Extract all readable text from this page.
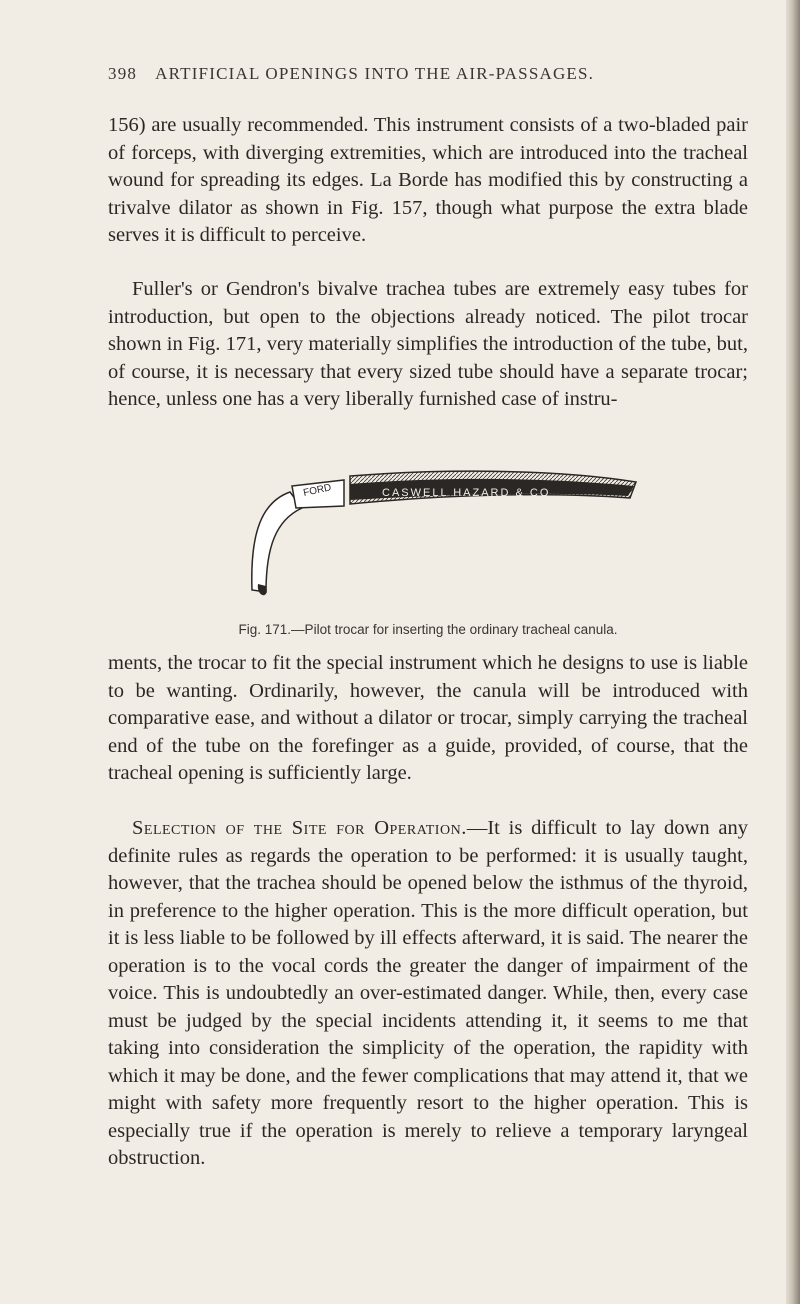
398 ARTIFICIAL OPENINGS INTO THE AIR-PASSAGES.

156) are usually recommended. This instrument consists of a two-bladed pair of forceps, with diverging extremities, which are introduced into the tracheal wound for spreading its edges. La Borde has modified this by constructing a trivalve dilator as shown in Fig. 157, though what purpose the extra blade serves it is difficult to perceive.

Fuller's or Gendron's bivalve trachea tubes are extremely easy tubes for introduction, but open to the objections already noticed. The pilot trocar shown in Fig. 171, very materially simplifies the introduction of the tube, but, of course, it is necessary that every sized tube should have a separate trocar; hence, unless one has a very liberally furnished case of instru-

FORD	CASWELL HAZARD & CO
Fig. 171.—Pilot trocar for inserting the ordinary tracheal canula.

ments, the trocar to fit the special instrument which he designs to use is liable to be wanting. Ordinarily, however, the canula will be introduced with comparative ease, and without a dilator or trocar, simply carrying the tracheal end of the tube on the forefinger as a guide, provided, of course, that the tracheal opening is sufficiently large.

Selection of the Site for Operation.—It is difficult to lay down any definite rules as regards the operation to be performed: it is usually taught, however, that the trachea should be opened below the isthmus of the thyroid, in preference to the higher operation. This is the more difficult operation, but it is less liable to be followed by ill effects afterward, it is said. The nearer the operation is to the vocal cords the greater the danger of impairment of the voice. This is undoubtedly an over-estimated danger. While, then, every case must be judged by the special incidents attending it, it seems to me that taking into consideration the simplicity of the operation, the rapidity with which it may be done, and the fewer complications that may attend it, that we might with safety more frequently resort to the higher operation. This is especially true if the operation is merely to relieve a temporary laryngeal obstruction.
